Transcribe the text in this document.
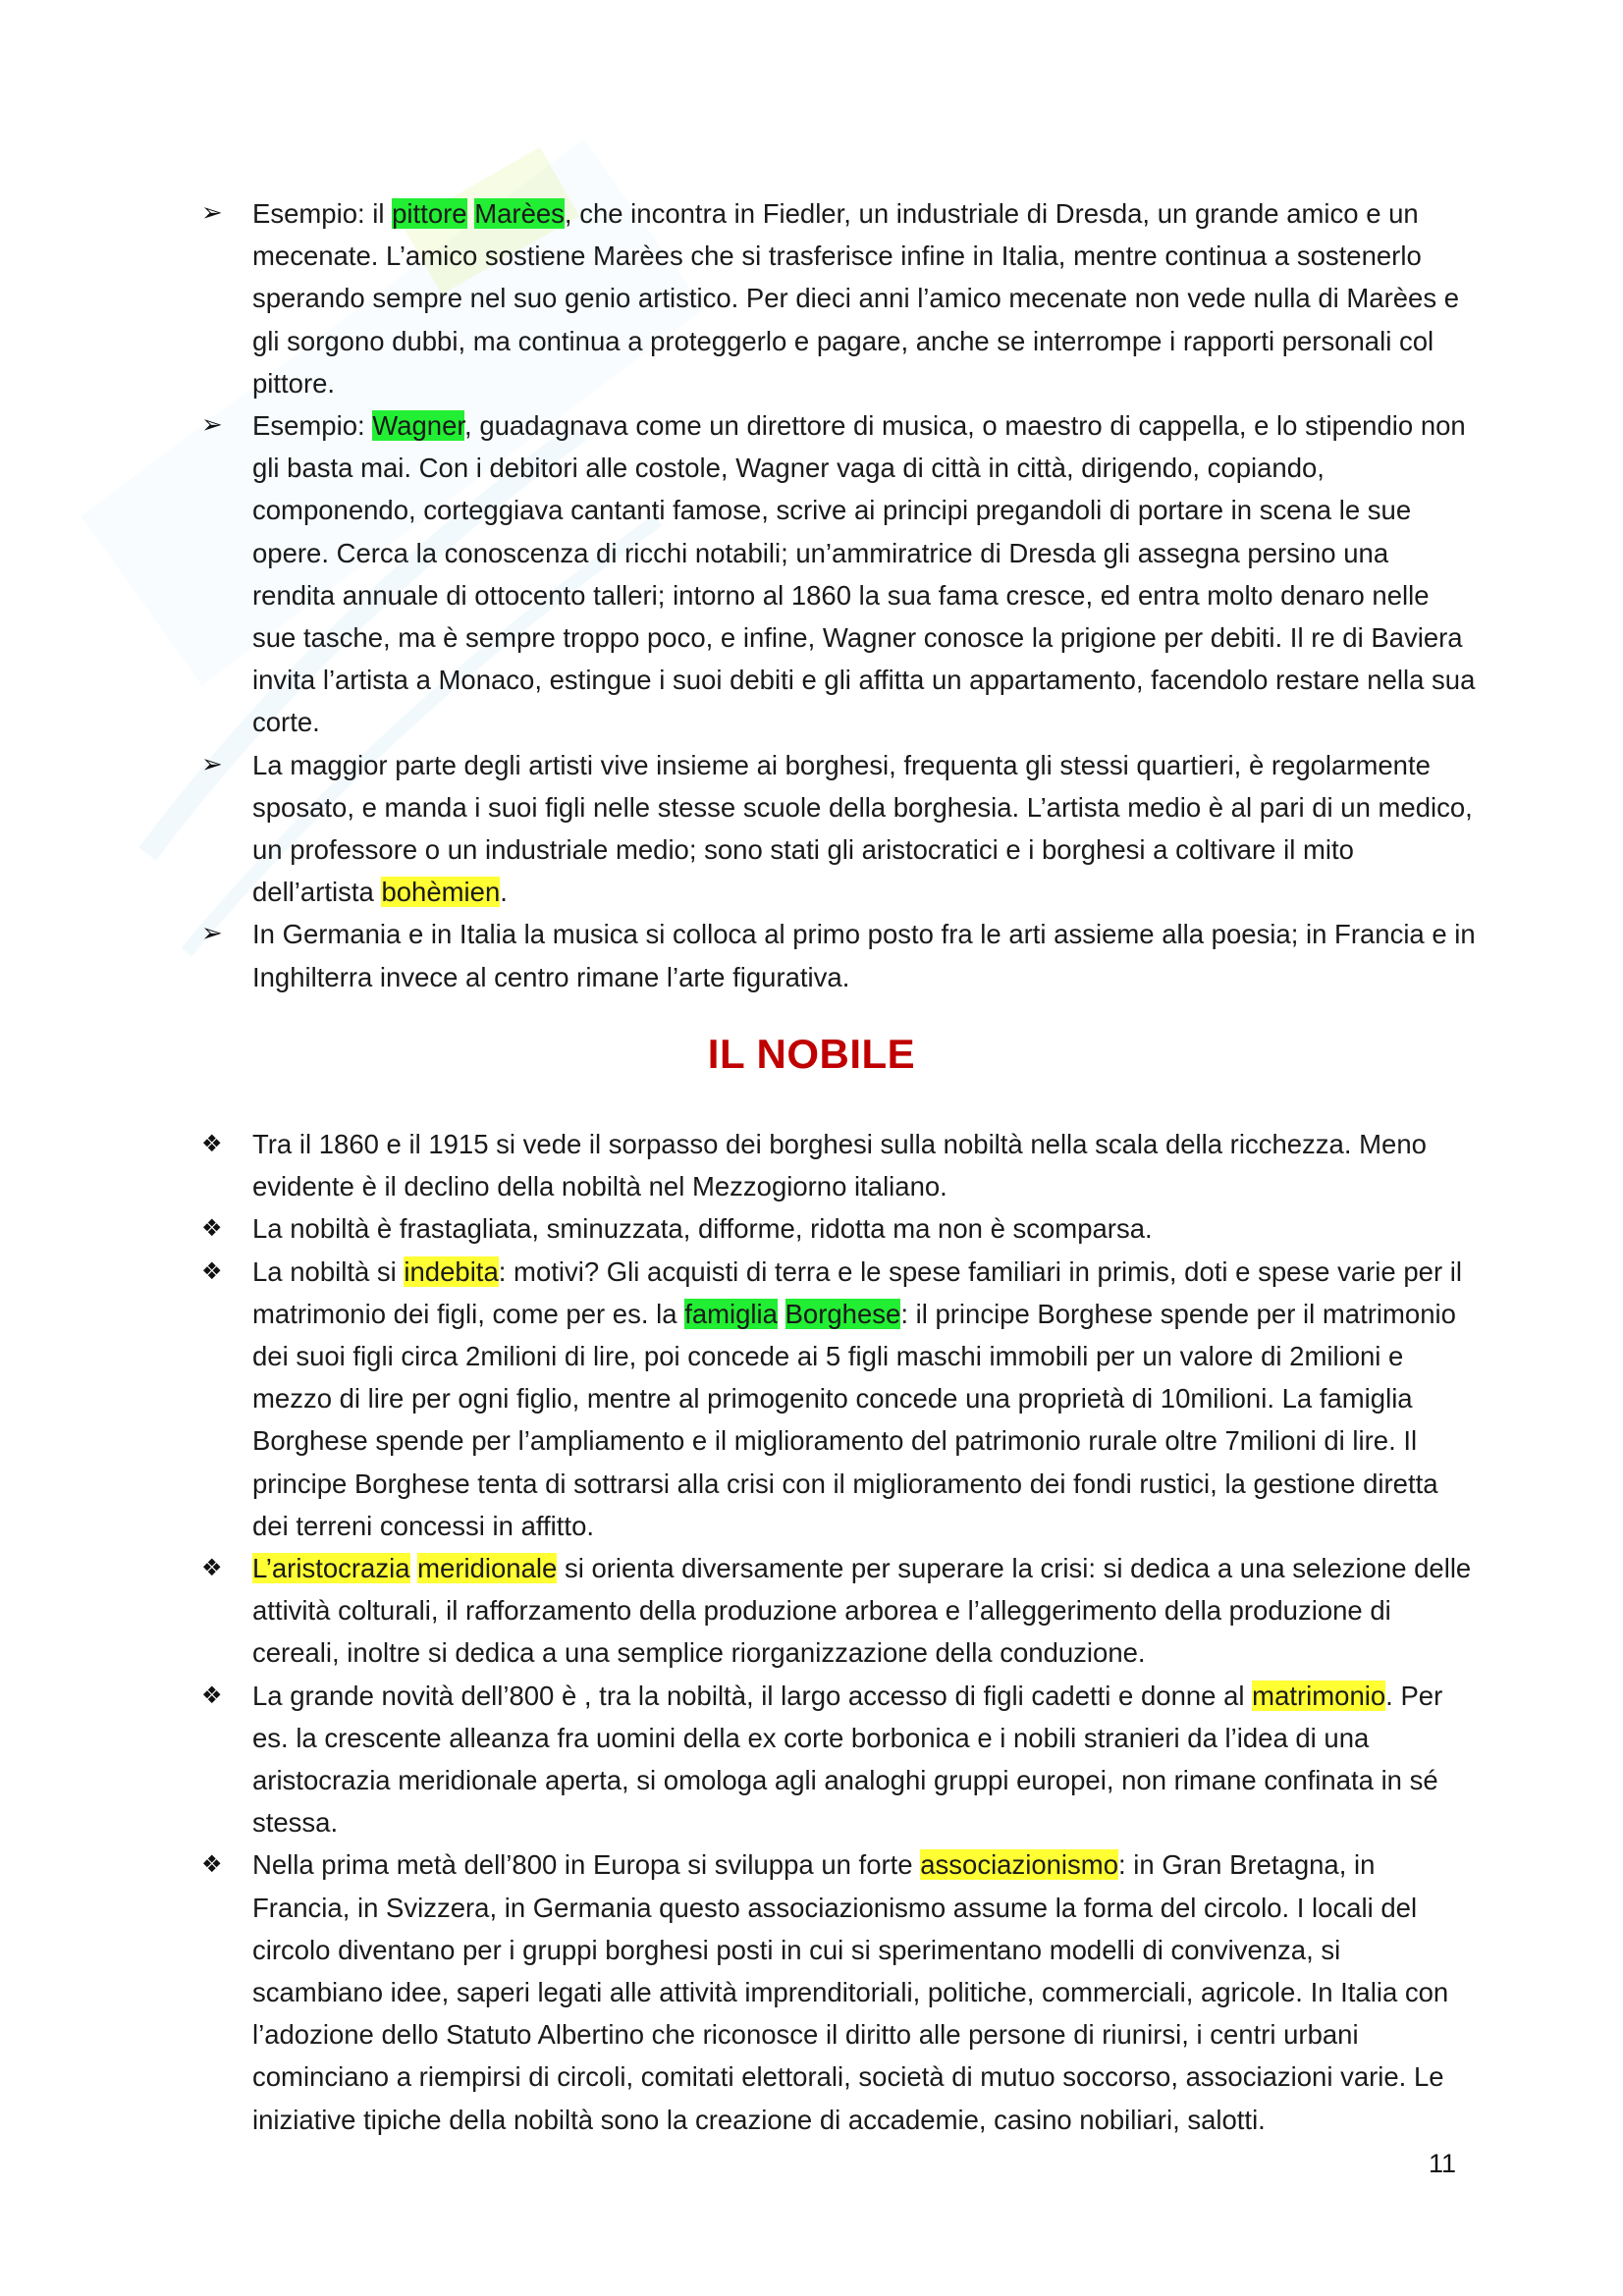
➢	Esempio: il pittore Marèes, che incontra in Fiedler, un industriale di Dresda, un grande amico e un mecenate. L’amico sostiene Marèes che si trasferisce infine in Italia, mentre continua a sostenerlo sperando sempre nel suo genio artistico. Per dieci anni l’amico mecenate non vede nulla di Marèes e gli sorgono dubbi, ma continua a proteggerlo e pagare, anche se interrompe i rapporti personali col pittore.
➢	Esempio: Wagner, guadagnava come un direttore di musica, o maestro di cappella, e lo stipendio non gli basta mai. Con i debitori alle costole, Wagner vaga di città in città, dirigendo, copiando, componendo, corteggiava cantanti famose, scrive ai principi pregandoli di portare in scena le sue opere. Cerca la conoscenza di ricchi notabili; un’ammiratrice di Dresda gli assegna persino una rendita annuale di ottocento talleri; intorno al 1860 la sua fama cresce, ed entra molto denaro nelle sue tasche, ma è sempre troppo poco, e infine, Wagner conosce la prigione per debiti. Il re di Baviera invita l’artista a Monaco, estingue i suoi debiti e gli affitta un appartamento, facendolo restare nella sua corte.
➢	La maggior parte degli artisti vive insieme ai borghesi, frequenta gli stessi quartieri, è regolarmente sposato, e manda i suoi figli nelle stesse scuole della borghesia. L’artista medio è al pari di un medico, un professore o un industriale medio; sono stati gli aristocratici e i borghesi a coltivare il mito dell’artista bohèmien.
➢	In Germania e in Italia la musica si colloca al primo posto fra le arti assieme alla poesia; in Francia e in Inghilterra invece al centro rimane l’arte figurativa.
IL NOBILE
❖	Tra il 1860 e il 1915 si vede il sorpasso dei borghesi sulla nobiltà nella scala della ricchezza. Meno evidente è il declino della nobiltà nel Mezzogiorno italiano.
❖	La nobiltà è frastagliata, sminuzzata, difforme, ridotta ma non è scomparsa.
❖	La nobiltà si indebita: motivi? Gli acquisti di terra e le spese familiari in primis, doti e spese varie per il matrimonio dei figli, come per es. la famiglia Borghese: il principe Borghese spende per il matrimonio dei suoi figli circa 2milioni di lire, poi concede ai 5 figli maschi immobili per un valore di 2milioni e mezzo di lire per ogni figlio, mentre al primogenito concede una proprietà di 10milioni. La famiglia Borghese spende per l’ampliamento e il miglioramento del patrimonio rurale oltre 7milioni di lire. Il principe Borghese tenta di sottrarsi alla crisi con il miglioramento dei fondi rustici, la gestione diretta dei terreni concessi in affitto.
❖	L’aristocrazia meridionale si orienta diversamente per superare la crisi: si dedica a una selezione delle attività colturali, il rafforzamento della produzione arborea e l’alleggerimento della produzione di cereali, inoltre si dedica a una semplice riorganizzazione della conduzione.
❖	La grande novità dell’800 è , tra la nobiltà, il largo accesso di figli cadetti e donne al matrimonio. Per es. la crescente alleanza fra uomini della ex corte borbonica e i nobili stranieri da l’idea di una aristocrazia meridionale aperta, si omologa agli analoghi gruppi europei, non rimane confinata in sé stessa.
❖	Nella prima metà dell’800 in Europa si sviluppa un forte associazionismo: in Gran Bretagna, in Francia, in Svizzera, in Germania questo associazionismo assume la forma del circolo. I locali del circolo diventano per i gruppi borghesi posti in cui si sperimentano modelli di convivenza, si scambiano idee, saperi legati alle attività imprenditoriali, politiche, commerciali, agricole. In Italia con l’adozione dello Statuto Albertino che riconosce il diritto alle persone di riunirsi, i centri urbani cominciano a riempirsi di circoli, comitati elettorali, società di mutuo soccorso, associazioni varie. Le iniziative tipiche della nobiltà sono la creazione di accademie, casino nobiliari, salotti.
11
